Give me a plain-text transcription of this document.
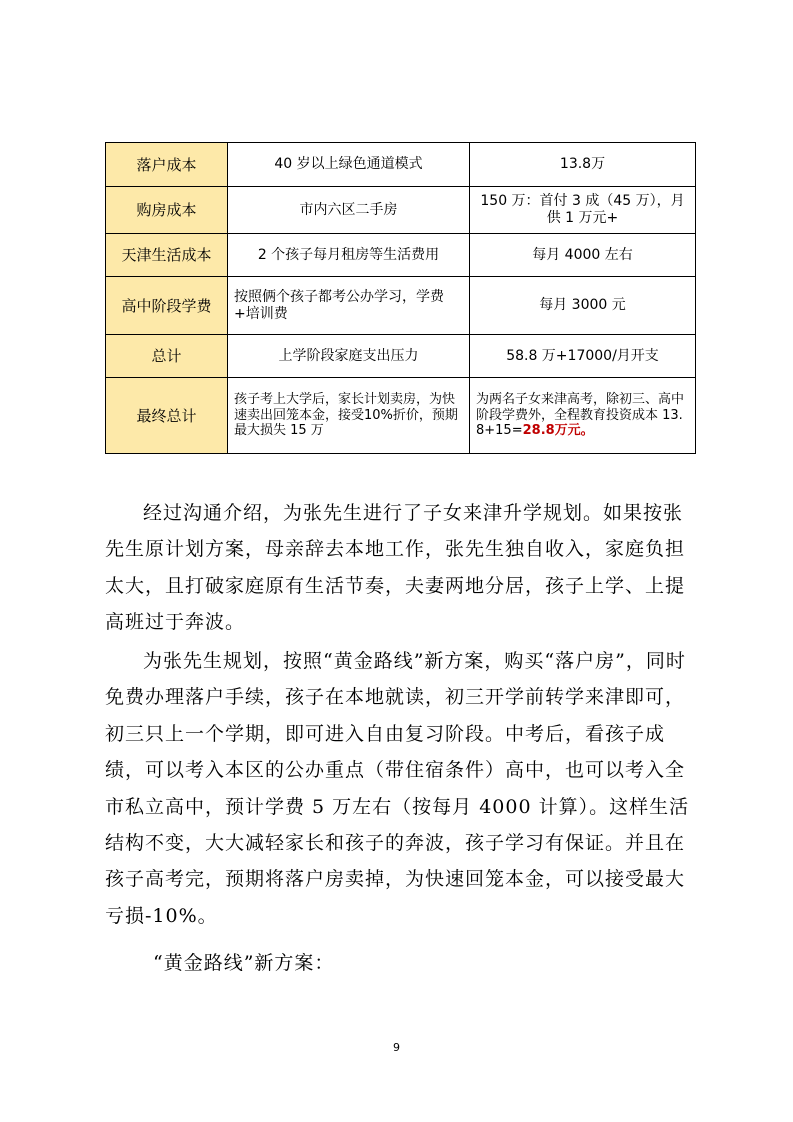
落户成本	40 岁以上绿色通道模式	13.8万
购房成本	市内六区二手房	150 万：首付 3 成（45 万），月供 1 万元+
天津生活成本	2 个孩子每月租房等生活费用	每月 4000 左右
高中阶段学费	按照俩个孩子都考公办学习，学费+培训费	每月 3000 元
总计	上学阶段家庭支出压力	58.8 万+17000/月开支
最终总计	孩子考上大学后，家长计划卖房，为快速卖出回笼本金，接受10%折价，预期最大损失 15 万	为两名子女来津高考，除初三、高中阶段学费外，全程教育投资成本 13.8+15=28.8万元。

经过沟通介绍，为张先生进行了子女来津升学规划。如果按张先生原计划方案，母亲辞去本地工作，张先生独自收入，家庭负担太大，且打破家庭原有生活节奏，夫妻两地分居，孩子上学、上提高班过于奔波。

为张先生规划，按照“黄金路线”新方案，购买“落户房”，同时免费办理落户手续，孩子在本地就读，初三开学前转学来津即可，初三只上一个学期，即可进入自由复习阶段。中考后，看孩子成绩，可以考入本区的公办重点（带住宿条件）高中，也可以考入全市私立高中，预计学费 5 万左右（按每月 4000 计算）。这样生活结构不变，大大减轻家长和孩子的奔波，孩子学习有保证。并且在孩子高考完，预期将落户房卖掉，为快速回笼本金，可以接受最大亏损-10%。

“黄金路线”新方案：

9
